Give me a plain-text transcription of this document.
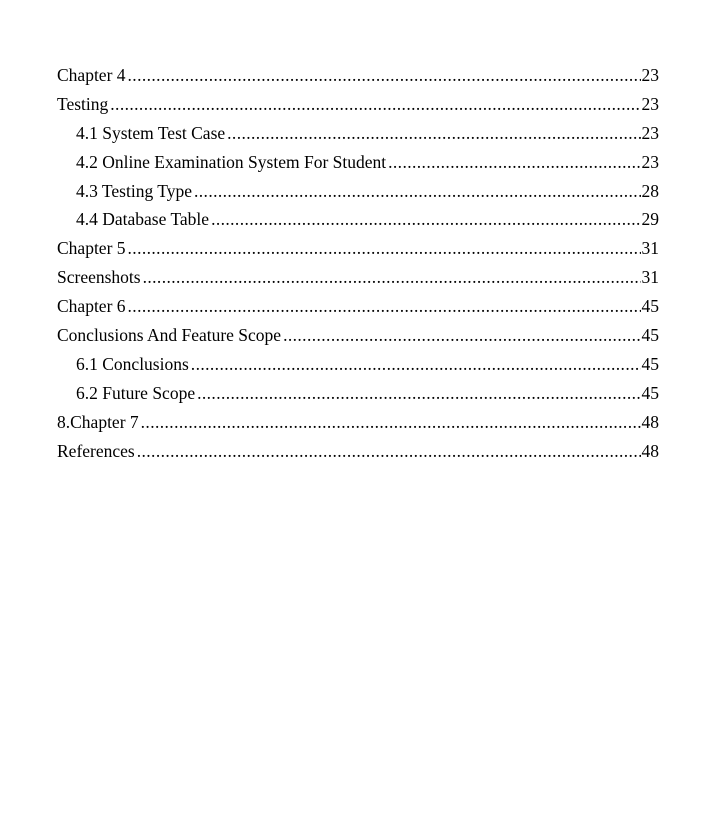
Chapter 4 .....	23
Testing .....	23
4.1 System Test Case .....	23
4.2 Online Examination System For Student .....	23
4.3 Testing Type .....	28
4.4 Database Table .....	29
Chapter 5 .....	31
Screenshots .....	31
Chapter 6 .....	45
Conclusions And Feature Scope .....	45
6.1 Conclusions .....	45
6.2 Future Scope .....	45
8.Chapter 7 .....	48
References .....	48
